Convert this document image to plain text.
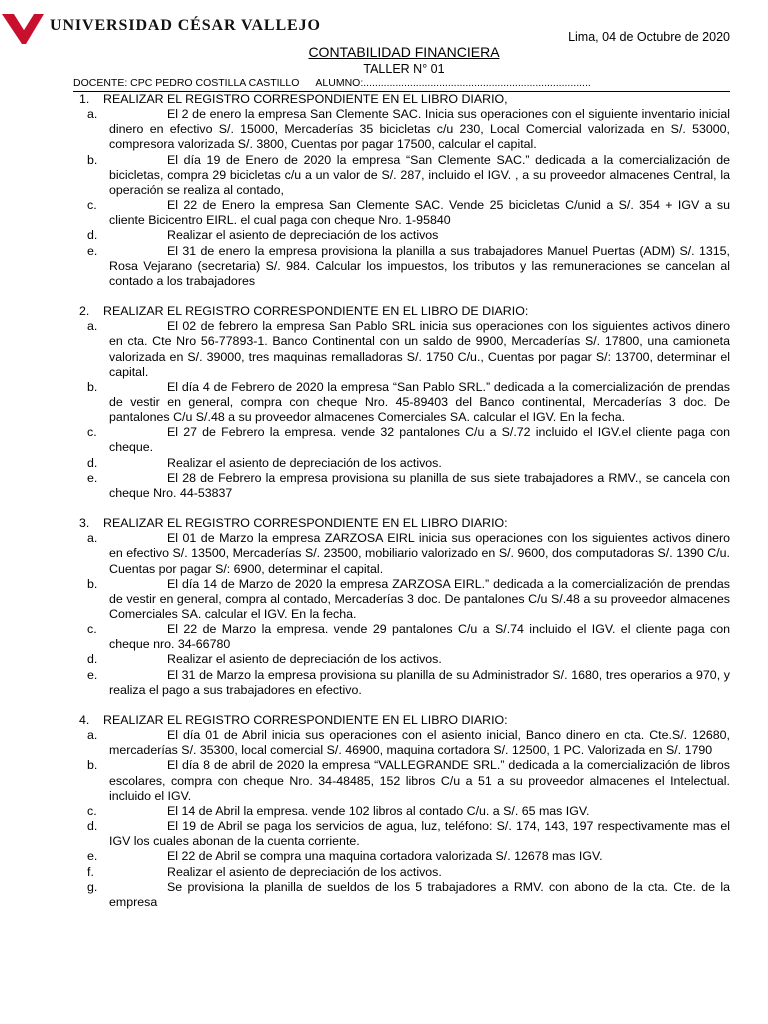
UNIVERSIDAD CÉSAR VALLEJO
Lima, 04 de Octubre de 2020
CONTABILIDAD FINANCIERA
TALLER N° 01
DOCENTE: CPC PEDRO COSTILLA CASTILLO ALUMNO:..............................................................................
1. REALIZAR EL REGISTRO CORRESPONDIENTE EN EL LIBRO DIARIO,
a.	El 2 de enero la empresa San Clemente SAC. Inicia sus operaciones con el siguiente inventario inicial dinero en efectivo S/. 15000, Mercaderías 35 bicicletas c/u 230, Local Comercial valorizada en S/. 53000, compresora valorizada S/. 3800, Cuentas por pagar 17500, calcular el capital.
b.	El día 19 de Enero de 2020 la empresa “San Clemente SAC.” dedicada a la comercialización de bicicletas, compra 29 bicicletas c/u a un valor de S/. 287, incluido el IGV. , a su proveedor almacenes Central, la operación se realiza al contado,
c.	El 22 de Enero la empresa San Clemente SAC. Vende 25 bicicletas C/unid a S/. 354 + IGV a su cliente Bicicentro EIRL. el cual paga con cheque Nro. 1-95840
d.	Realizar el asiento de depreciación de los activos
e.	El 31 de enero la empresa provisiona la planilla a sus trabajadores Manuel Puertas (ADM) S/. 1315, Rosa Vejarano (secretaria) S/. 984. Calcular los impuestos, los tributos y las remuneraciones se cancelan al contado a los trabajadores
2. REALIZAR EL REGISTRO CORRESPONDIENTE EN EL LIBRO DE DIARIO:
a.	El 02 de febrero la empresa San Pablo SRL inicia sus operaciones con los siguientes activos dinero en cta. Cte Nro 56-77893-1. Banco Continental con un saldo de 9900, Mercaderías S/. 17800, una camioneta valorizada en S/. 39000, tres maquinas remalladoras S/. 1750 C/u., Cuentas por pagar S/: 13700, determinar el capital.
b.	El día 4 de Febrero de 2020 la empresa “San Pablo SRL.” dedicada a la comercialización de prendas de vestir en general, compra con cheque Nro. 45-89403 del Banco continental, Mercaderías 3 doc. De pantalones C/u S/.48 a su proveedor almacenes Comerciales SA. calcular el IGV. En la fecha.
c.	El 27 de Febrero la empresa. vende 32 pantalones C/u a S/.72 incluido el IGV.el cliente paga con cheque.
d.	Realizar el asiento de depreciación de los activos.
e.	El 28 de Febrero la empresa provisiona su planilla de sus siete trabajadores a RMV., se cancela con cheque Nro. 44-53837
3. REALIZAR EL REGISTRO CORRESPONDIENTE EN EL LIBRO DIARIO:
a.	El 01 de Marzo la empresa ZARZOSA EIRL inicia sus operaciones con los siguientes activos dinero en efectivo S/. 13500, Mercaderías S/. 23500, mobiliario valorizado en S/. 9600, dos computadoras S/. 1390 C/u. Cuentas por pagar S/: 6900, determinar el capital.
b.	El día 14 de Marzo de 2020 la empresa ZARZOSA EIRL.” dedicada a la comercialización de prendas de vestir en general, compra al contado, Mercaderías 3 doc. De pantalones C/u S/.48 a su proveedor almacenes Comerciales SA. calcular el IGV. En la fecha.
c.	El 22 de Marzo la empresa. vende 29 pantalones C/u a S/.74 incluido el IGV. el cliente paga con cheque nro. 34-66780
d.	Realizar el asiento de depreciación de los activos.
e.	El 31 de Marzo la empresa provisiona su planilla de su Administrador S/. 1680, tres operarios a 970, y realiza el pago a sus trabajadores en efectivo.
4. REALIZAR EL REGISTRO CORRESPONDIENTE EN EL LIBRO DIARIO:
a.	El día 01 de Abril inicia sus operaciones con el asiento inicial, Banco dinero en cta. Cte.S/. 12680, mercaderías S/. 35300, local comercial S/. 46900, maquina cortadora S/. 12500, 1 PC. Valorizada en S/. 1790
b.	El día 8 de abril de 2020 la empresa “VALLEGRANDE SRL.” dedicada a la comercialización de libros escolares, compra con cheque Nro. 34-48485, 152 libros C/u a 51 a su proveedor almacenes el Intelectual. incluido el IGV.
c.	El 14 de Abril la empresa. vende 102 libros al contado C/u. a S/. 65 mas IGV.
d.	El 19 de Abril se paga los servicios de agua, luz, teléfono: S/. 174, 143, 197 respectivamente mas el IGV los cuales abonan de la cuenta corriente.
e.	El 22 de Abril se compra una maquina cortadora valorizada S/. 12678 mas IGV.
f.	Realizar el asiento de depreciación de los activos.
g.	Se provisiona la planilla de sueldos de los 5 trabajadores a RMV. con abono de la cta. Cte. de la empresa
